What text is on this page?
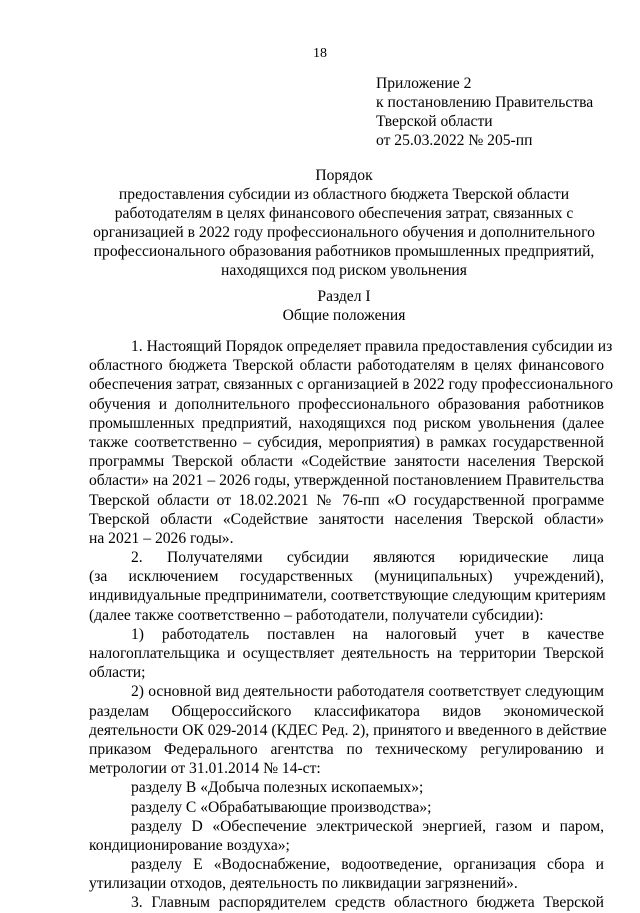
18
Приложение 2
к постановлению Правительства
Тверской области
от 25.03.2022 № 205-пп
Порядок
предоставления субсидии из областного бюджета Тверской области
работодателям в целях финансового обеспечения затрат, связанных с
организацией в 2022 году профессионального обучения и дополнительного
профессионального образования работников промышленных предприятий,
находящихся под риском увольнения
Раздел I
Общие положения
1. Настоящий Порядок определяет правила предоставления субсидии из
областного бюджета Тверской области работодателям в целях финансового
обеспечения затрат, связанных с организацией в 2022 году профессионального
обучения и дополнительного профессионального образования работников
промышленных предприятий, находящихся под риском увольнения (далее
также соответственно – субсидия, мероприятия) в рамках государственной
программы Тверской области «Содействие занятости населения Тверской
области» на 2021 – 2026 годы, утвержденной постановлением Правительства
Тверской области от 18.02.2021 № 76-пп «О государственной программе
Тверской области «Содействие занятости населения Тверской области»
на 2021 – 2026 годы».
2. Получателями субсидии являются юридические лица
(за исключением государственных (муниципальных) учреждений),
индивидуальные предприниматели, соответствующие следующим критериям
(далее также соответственно – работодатели, получатели субсидии):
1) работодатель поставлен на налоговый учет в качестве
налогоплательщика и осуществляет деятельность на территории Тверской
области;
2) основной вид деятельности работодателя соответствует следующим
разделам Общероссийского классификатора видов экономической
деятельности ОК 029-2014 (КДЕС Ред. 2), принятого и введенного в действие
приказом Федерального агентства по техническому регулированию и
метрологии от 31.01.2014 № 14-ст:
разделу B «Добыча полезных ископаемых»;
разделу C «Обрабатывающие производства»;
разделу D «Обеспечение электрической энергией, газом и паром,
кондиционирование воздуха»;
разделу E «Водоснабжение, водоотведение, организация сбора и
утилизации отходов, деятельность по ликвидации загрязнений».
3. Главным распорядителем средств областного бюджета Тверской
